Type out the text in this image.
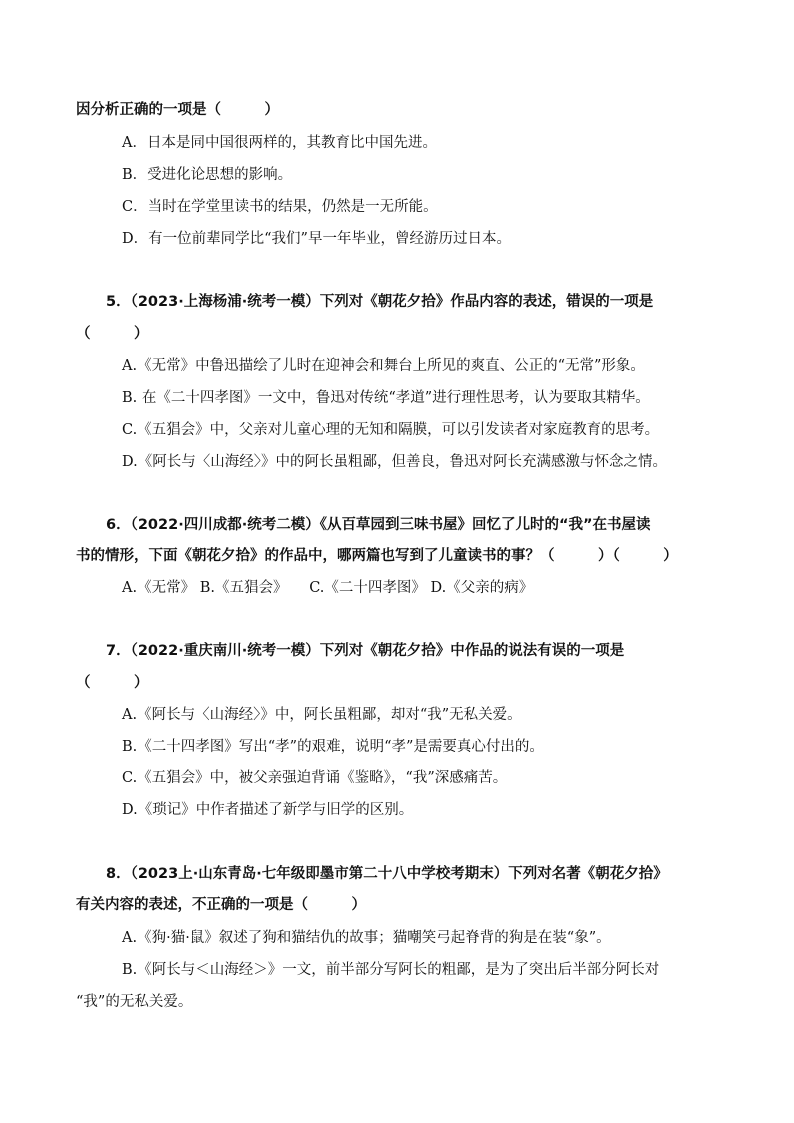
因分析正确的一项是（　　　）
A．日本是同中国很两样的，其教育比中国先进。
B．受进化论思想的影响。
C．当时在学堂里读书的结果，仍然是一无所能。
D．有一位前辈同学比“我们”早一年毕业，曾经游历过日本。
5．（2023·上海杨浦·统考一模）下列对《朝花夕拾》作品内容的表述，错误的一项是
（　　　）
A.《无常》中鲁迅描绘了儿时在迎神会和舞台上所见的爽直、公正的“无常”形象。
B. 在《二十四孝图》一文中，鲁迅对传统“孝道”进行理性思考，认为要取其精华。
C.《五猖会》中，父亲对儿童心理的无知和隔膜，可以引发读者对家庭教育的思考。
D.《阿长与〈山海经〉》中的阿长虽粗鄙，但善良，鲁迅对阿长充满感激与怀念之情。
6．（2022·四川成都·统考二模）《从百草园到三味书屋》回忆了儿时的“我”在书屋读
书的情形，下面《朝花夕拾》的作品中，哪两篇也写到了儿童读书的事？（　　　）（　　　）
A.《无常》 B.《五猖会》　　C.《二十四孝图》 D.《父亲的病》
7．（2022·重庆南川·统考一模）下列对《朝花夕拾》中作品的说法有误的一项是
（　　　）
A.《阿长与〈山海经〉》中，阿长虽粗鄙，却对“我”无私关爱。
B.《二十四孝图》写出“孝”的艰难，说明“孝”是需要真心付出的。
C.《五猖会》中，被父亲强迫背诵《鉴略》，“我”深感痛苦。
D.《琐记》中作者描述了新学与旧学的区别。
8．（2023上·山东青岛·七年级即墨市第二十八中学校考期末）下列对名著《朝花夕拾》
有关内容的表述，不正确的一项是（　　　）
A.《狗·猫·鼠》叙述了狗和猫结仇的故事；猫嘲笑弓起脊背的狗是在装“象”。
B.《阿长与＜山海经＞》一文，前半部分写阿长的粗鄙，是为了突出后半部分阿长对
“我”的无私关爱。
